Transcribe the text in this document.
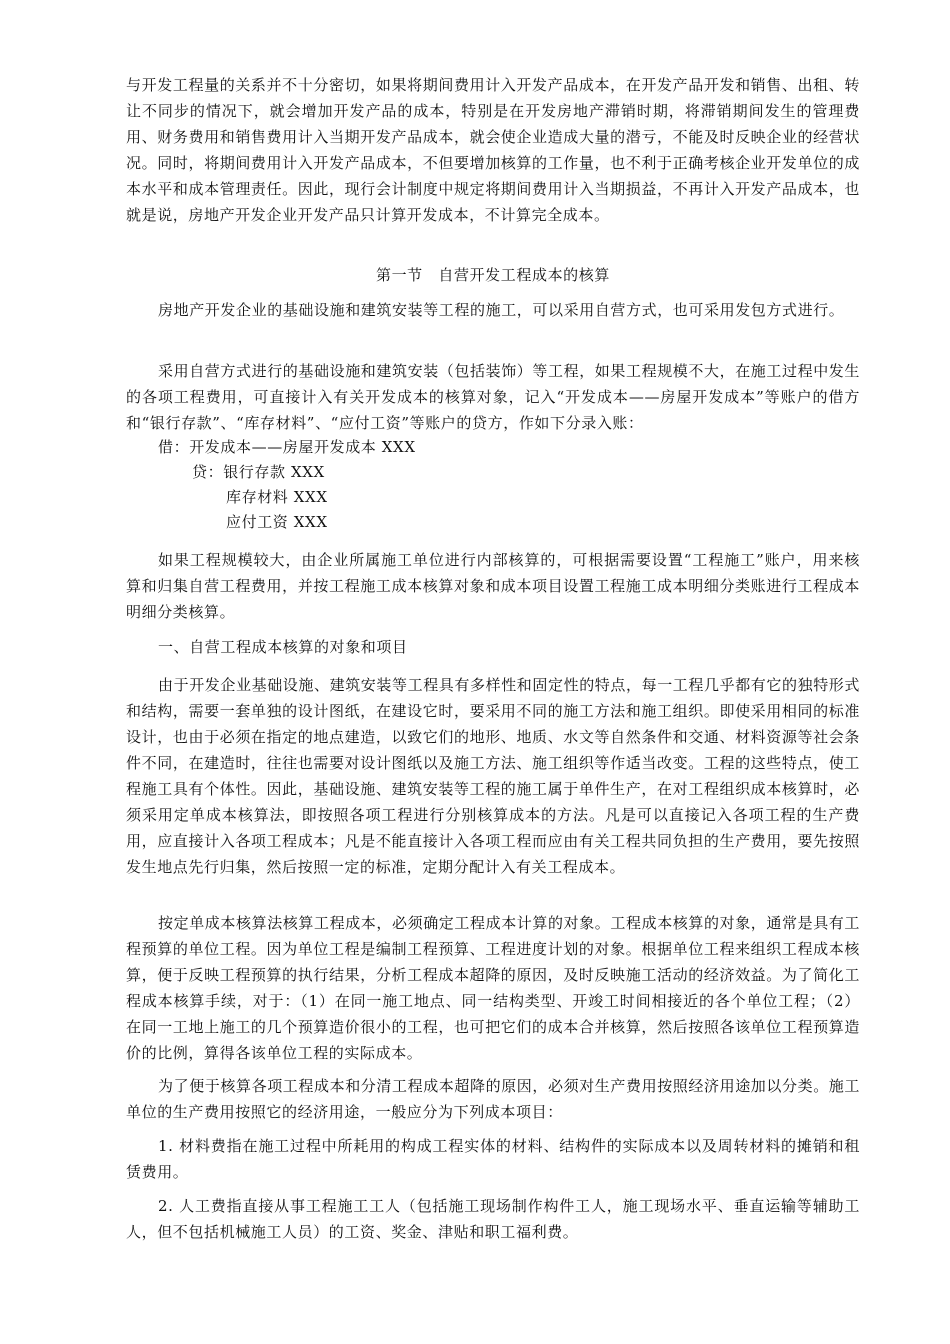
与开发工程量的关系并不十分密切，如果将期间费用计入开发产品成本，在开发产品开发和销售、出租、转让不同步的情况下，就会增加开发产品的成本，特别是在开发房地产滞销时期，将滞销期间发生的管理费用、财务费用和销售费用计入当期开发产品成本，就会使企业造成大量的潜亏，不能及时反映企业的经营状况。同时，将期间费用计入开发产品成本，不但要增加核算的工作量，也不利于正确考核企业开发单位的成本水平和成本管理责任。因此，现行会计制度中规定将期间费用计入当期损益，不再计入开发产品成本，也就是说，房地产开发企业开发产品只计算开发成本，不计算完全成本。
第一节　自营开发工程成本的核算
房地产开发企业的基础设施和建筑安装等工程的施工，可以采用自营方式，也可采用发包方式进行。
采用自营方式进行的基础设施和建筑安装（包括装饰）等工程，如果工程规模不大，在施工过程中发生的各项工程费用，可直接计入有关开发成本的核算对象，记入“开发成本——房屋开发成本”等账户的借方和“银行存款”、“库存材料”、“应付工资”等账户的贷方，作如下分录入账：
借：开发成本——房屋开发成本 XXX
贷：银行存款 XXX
库存材料 XXX
应付工资 XXX
如果工程规模较大，由企业所属施工单位进行内部核算的，可根据需要设置“工程施工”账户，用来核算和归集自营工程费用，并按工程施工成本核算对象和成本项目设置工程施工成本明细分类账进行工程成本明细分类核算。
一、自营工程成本核算的对象和项目
由于开发企业基础设施、建筑安装等工程具有多样性和固定性的特点，每一工程几乎都有它的独特形式和结构，需要一套单独的设计图纸，在建设它时，要采用不同的施工方法和施工组织。即使采用相同的标准设计，也由于必须在指定的地点建造，以致它们的地形、地质、水文等自然条件和交通、材料资源等社会条件不同，在建造时，往往也需要对设计图纸以及施工方法、施工组织等作适当改变。工程的这些特点，使工程施工具有个体性。因此，基础设施、建筑安装等工程的施工属于单件生产，在对工程组织成本核算时，必须采用定单成本核算法，即按照各项工程进行分别核算成本的方法。凡是可以直接记入各项工程的生产费用，应直接计入各项工程成本；凡是不能直接计入各项工程而应由有关工程共同负担的生产费用，要先按照发生地点先行归集，然后按照一定的标准，定期分配计入有关工程成本。
按定单成本核算法核算工程成本，必须确定工程成本计算的对象。工程成本核算的对象，通常是具有工程预算的单位工程。因为单位工程是编制工程预算、工程进度计划的对象。根据单位工程来组织工程成本核算，便于反映工程预算的执行结果，分析工程成本超降的原因，及时反映施工活动的经济效益。为了简化工程成本核算手续，对于：（1）在同一施工地点、同一结构类型、开竣工时间相接近的各个单位工程；（2）在同一工地上施工的几个预算造价很小的工程，也可把它们的成本合并核算，然后按照各该单位工程预算造价的比例，算得各该单位工程的实际成本。
为了便于核算各项工程成本和分清工程成本超降的原因，必须对生产费用按照经济用途加以分类。施工单位的生产费用按照它的经济用途，一般应分为下列成本项目：
1. 材料费指在施工过程中所耗用的构成工程实体的材料、结构件的实际成本以及周转材料的摊销和租赁费用。
2. 人工费指直接从事工程施工工人（包括施工现场制作构件工人，施工现场水平、垂直运输等辅助工人，但不包括机械施工人员）的工资、奖金、津贴和职工福利费。
